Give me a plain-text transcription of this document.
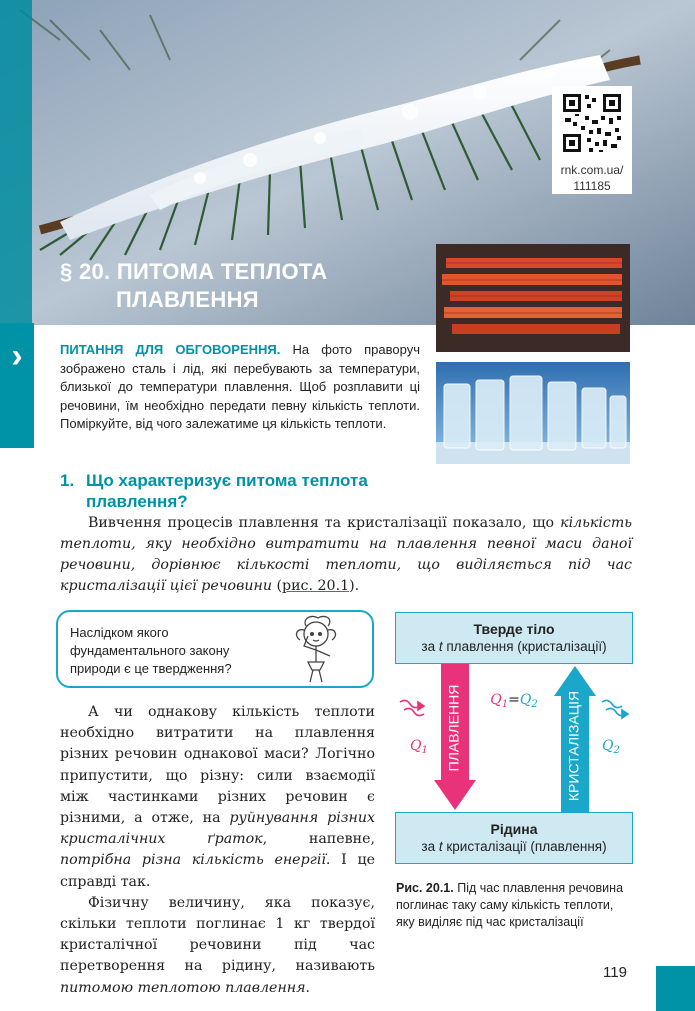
rnk.com.ua/
111185
§ 20. ПИТОМА ТЕПЛОТА
ПЛАВЛЕННЯ
›	ПИТАННЯ ДЛЯ ОБГОВОРЕННЯ. На фото праворуч зображено сталь і лід, які перебувають за температури, близької до температури плавлення. Щоб розплавити ці речовини, їм необхідно передати певну кількість теплоти. Поміркуйте, від чого залежатиме ця кількість теплоти.
1. Що характеризує питома теплота
плавлення?
Вивчення процесів плавлення та кристалізації показало, що кількість теплоти, яку необхідно витратити на плавлення певної маси даної речовини, дорівнює кількості теплоти, що виділяється під час кристалізації цієї речовини (рис. 20.1).
Наслідком якого фундаментального закону природи є це твердження?

А чи однакову кількість теплоти необхідно витратити на плавлення різних речовин однакової маси? Логічно припустити, що різну: сили взаємодії між частинками різних речовин є різними, а отже, на руйнування різних кристалічних ґраток, напевне, потрібна різна кількість енергії. І це справді так.

Фізичну величину, яка показує, скільки теплоти поглинає 1 кг твердої кристалічної речовини під час перетворення на рідину, називають питомою теплотою плавлення.

Тверде тіло
за t плавлення (кристалізації)
ПЛАВЛЕННЯ	КРИСТАЛІЗАЦІЯ
$Q_1=Q_2$
$Q_1$	$Q_2$
Рідина
за t кристалізації (плавлення)
Рис. 20.1. Під час плавлення речовина поглинає таку саму кількість теплоти, яку виділяє під час кристалізації
119
